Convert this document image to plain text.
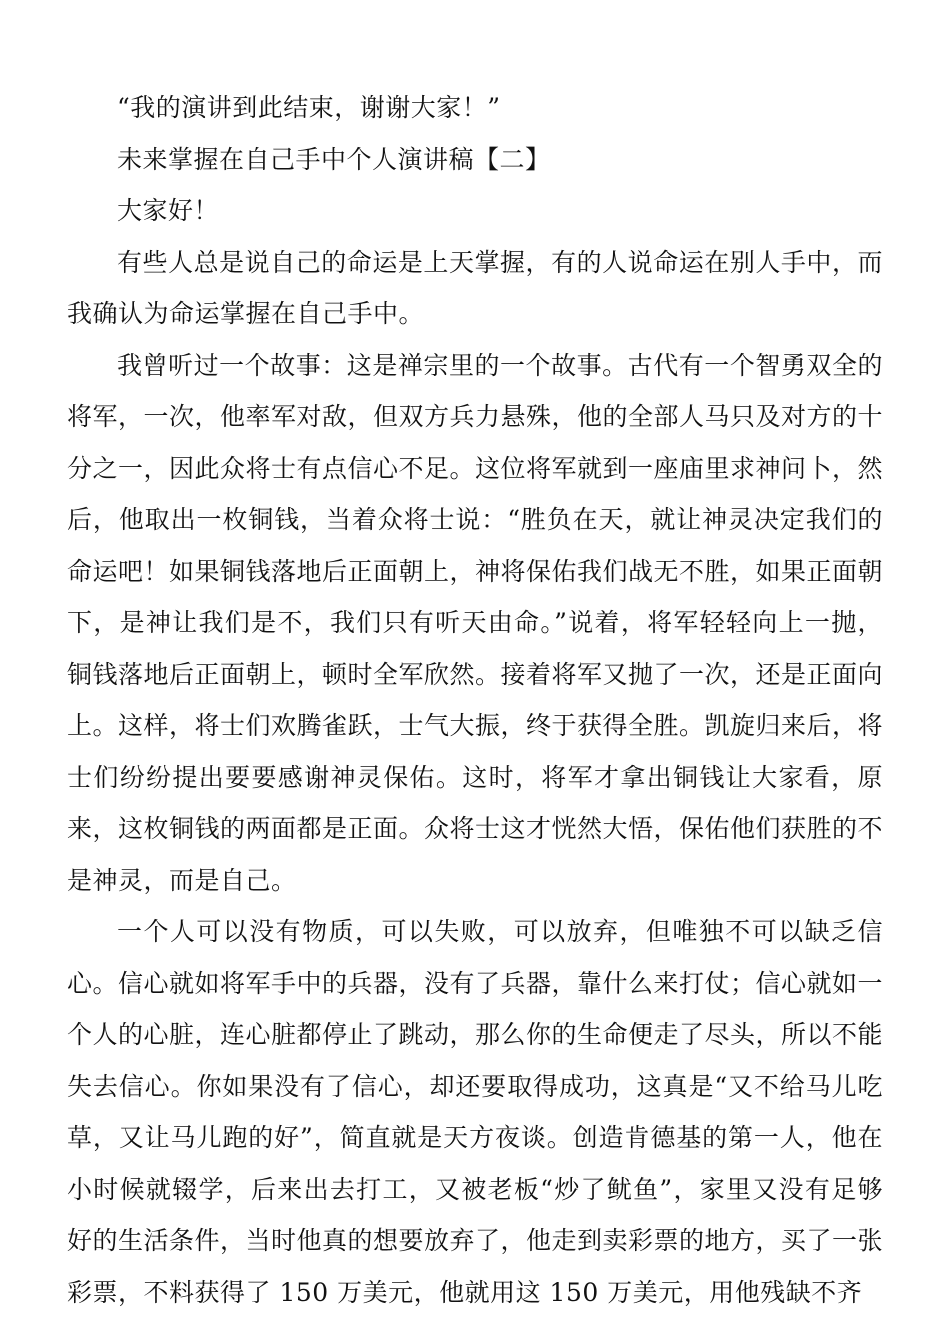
“我的演讲到此结束，谢谢大家！”

未来掌握在自己手中个人演讲稿【二】

大家好！

有些人总是说自己的命运是上天掌握，有的人说命运在别人手中，而我确认为命运掌握在自己手中。

我曾听过一个故事：这是禅宗里的一个故事。古代有一个智勇双全的将军，一次，他率军对敌，但双方兵力悬殊，他的全部人马只及对方的十分之一，因此众将士有点信心不足。这位将军就到一座庙里求神问卜，然后，他取出一枚铜钱，当着众将士说：“胜负在天，就让神灵决定我们的命运吧！如果铜钱落地后正面朝上，神将保佑我们战无不胜，如果正面朝下，是神让我们是不，我们只有听天由命。”说着，将军轻轻向上一抛，铜钱落地后正面朝上，顿时全军欣然。接着将军又抛了一次，还是正面向上。这样，将士们欢腾雀跃，士气大振，终于获得全胜。凯旋归来后，将士们纷纷提出要要感谢神灵保佑。这时，将军才拿出铜钱让大家看，原来，这枚铜钱的两面都是正面。众将士这才恍然大悟，保佑他们获胜的不是神灵，而是自己。

一个人可以没有物质，可以失败，可以放弃，但唯独不可以缺乏信心。信心就如将军手中的兵器，没有了兵器，靠什么来打仗；信心就如一个人的心脏，连心脏都停止了跳动，那么你的生命便走了尽头，所以不能失去信心。你如果没有了信心，却还要取得成功，这真是“又不给马儿吃草，又让马儿跑的好”，简直就是天方夜谈。创造肯德基的第一人，他在小时候就辍学，后来出去打工，又被老板“炒了鱿鱼”，家里又没有足够好的生活条件，当时他真的想要放弃了，他走到卖彩票的地方，买了一张彩票，不料获得了 150 万美元，他就用这 150 万美元，用他残缺不齐
